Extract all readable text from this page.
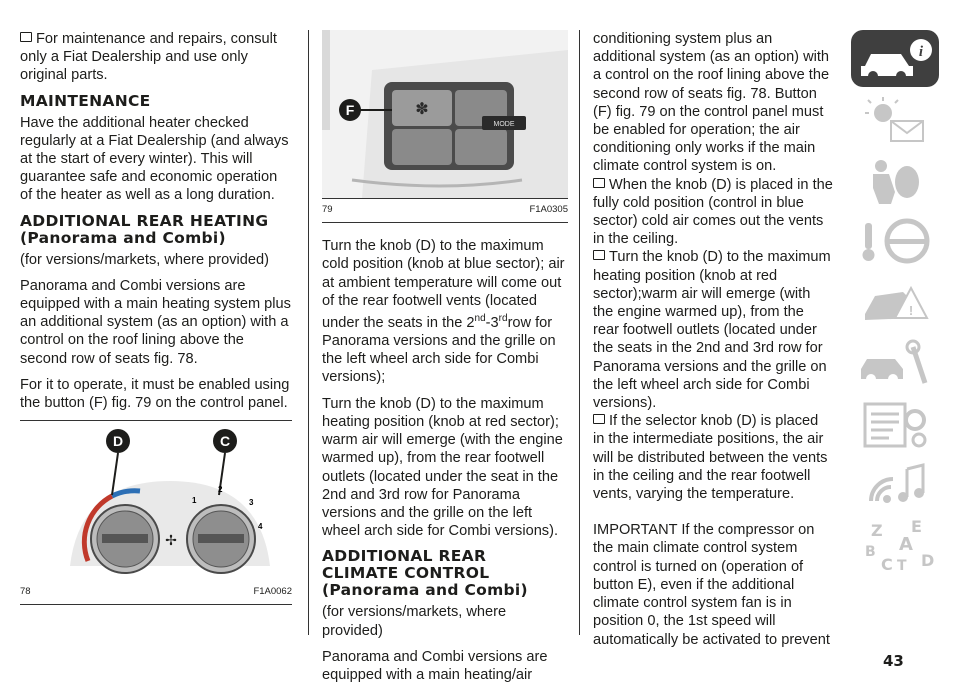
For maintenance and repairs, consult only a Fiat Dealership and use only original parts.

MAINTENANCE

Have the additional heater checked regularly at a Fiat Dealership (and always at the start of every winter). This will guarantee safe and economic operation of the heater as well as a long duration.

ADDITIONAL REAR HEATING (Panorama and Combi)

(for versions/markets, where provided)

Panorama and Combi versions are equipped with a main heating system plus an additional system (as an option) with a control on the roof lining above the second row of seats fig. 78.

For it to operate, it must be enabled using the button (F) fig. 79 on the control panel.

✢
D	C
1
2
3
4
78	F1A0062
MODE
✽
F
79	F1A0305

Turn the knob (D) to the maximum cold position (knob at blue sector); air at ambient temperature will come out of the rear footwell vents (located under the seats in the 2nd-3rdrow for Panorama versions and the grille on the left wheel arch side for Combi versions);

Turn the knob (D) to the maximum heating position (knob at red sector); warm air will emerge (with the engine warmed up), from the rear footwell outlets (located under the seat in the 2nd and 3rd row for Panorama versions and the grille on the left wheel arch side for Combi versions).

ADDITIONAL REAR CLIMATE CONTROL (Panorama and Combi)

(for versions/markets, where provided)

Panorama and Combi versions are equipped with a main heating/air

conditioning system plus an additional system (as an option) with a control on the roof lining above the second row of seats fig. 78. Button (F) fig. 79 on the control panel must be enabled for operation; the air conditioning only works if the main climate control system is on.

When the knob (D) is placed in the fully cold position (control in blue sector) cold air comes out the vents in the ceiling.

Turn the knob (D) to the maximum heating position (knob at red sector);warm air will emerge (with the engine warmed up), from the rear footwell outlets (located under the seats in the 2nd and 3rd row for Panorama versions and the grille on the left wheel arch side for Combi versions).

If the selector knob (D) is placed in the intermediate positions, the air will be distributed between the vents in the ceiling and the rear footwell vents, varying the temperature.

IMPORTANT If the compressor on the main climate control system control is turned on (operation of button E), even if the additional climate control system fan is in position 0, the 1st speed will automatically be activated to prevent

i
!
Z E
A
B
C T D
43
